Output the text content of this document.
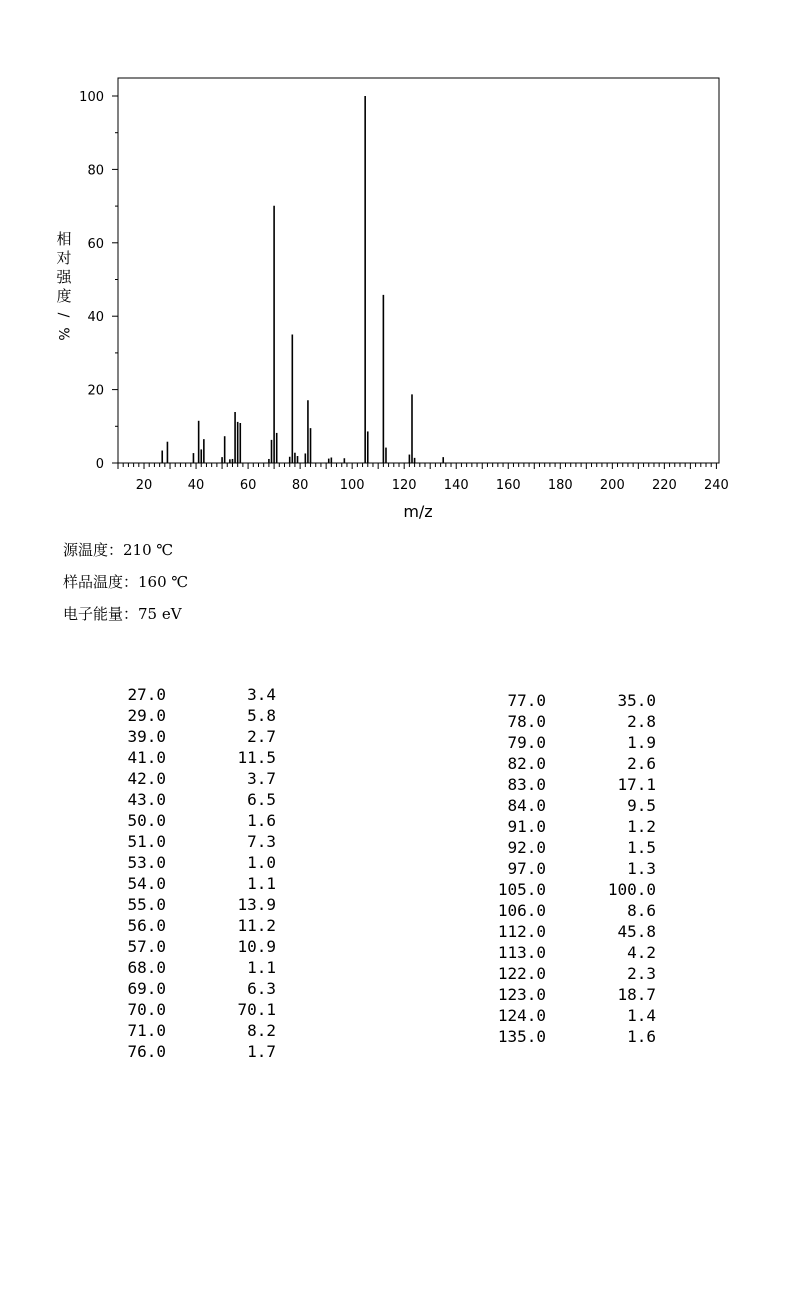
0
20
40
60
80
100
20	40	60	80 100 120 140 160 180 200 220 240
m/z
相
对
强
度
/
%
源温度：210 ℃
样品温度：160 ℃
电子能量：75 eV
27.0	3.4
29.0	5.8
39.0	2.7
41.0	11.5
42.0	3.7
43.0	6.5
50.0	1.6
51.0	7.3
53.0	1.0
54.0	1.1
55.0	13.9
56.0	11.2
57.0	10.9
68.0	1.1
69.0	6.3
70.0	70.1
71.0	8.2
76.0	1.7
77.0	35.0
78.0	2.8
79.0	1.9
82.0	2.6
83.0	17.1
84.0	9.5
91.0	1.2
92.0	1.5
97.0	1.3
105.0	100.0
106.0	8.6
112.0	45.8
113.0	4.2
122.0	2.3
123.0	18.7
124.0	1.4
135.0	1.6
